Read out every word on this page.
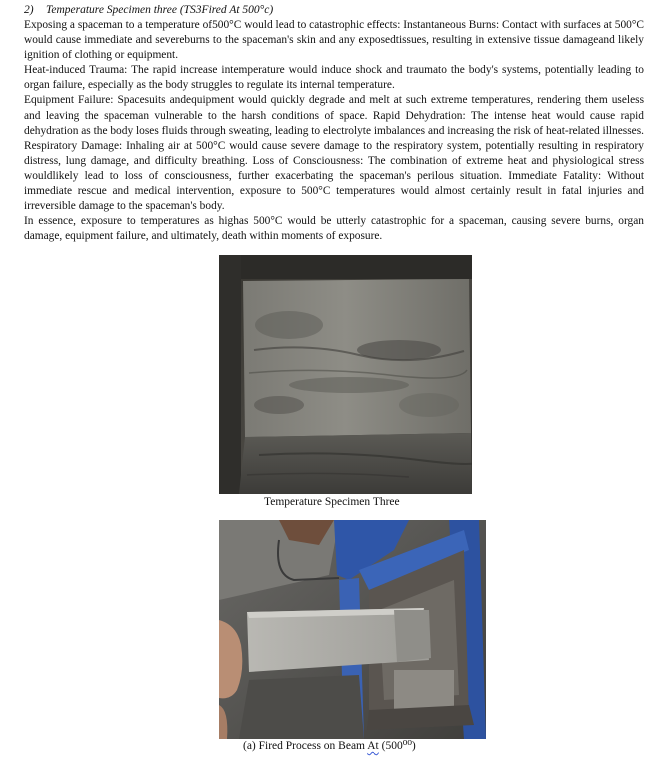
2) Temperature Specimen three (TS3Fired At 500°c)

Exposing a spaceman to a temperature of500°C would lead to catastrophic effects: Instantaneous Burns: Contact with surfaces at 500°C would cause immediate and severeburns to the spaceman's skin and any exposedtissues, resulting in extensive tissue damageand likely ignition of clothing or equipment.

Heat-induced Trauma: The rapid increase intemperature would induce shock and traumato the body's systems, potentially leading to organ failure, especially as the body struggles to regulate its internal temperature.

Equipment Failure: Spacesuits andequipment would quickly degrade and melt at such extreme temperatures, rendering them useless and leaving the spaceman vulnerable to the harsh conditions of space. Rapid Dehydration: The intense heat would cause rapid dehydration as the body loses fluids through sweating, leading to electrolyte imbalances and increasing the risk of heat-related illnesses. Respiratory Damage: Inhaling air at 500°C would cause severe damage to the respiratory system, potentially resulting in respiratory distress, lung damage, and difficulty breathing. Loss of Consciousness: The combination of extreme heat and physiological stress wouldlikely lead to loss of consciousness, further exacerbating the spaceman's perilous situation. Immediate Fatality: Without immediate rescue and medical intervention, exposure to 500°C temperatures would almost certainly result in fatal injuries and irreversible damage to the spaceman's body.

In essence, exposure to temperatures as highas 500°C would be utterly catastrophic for a spaceman, causing severe burns, organ damage, equipment failure, and ultimately, death within moments of exposure.

Temperature Specimen Three
(a) Fired Process on Beam At (500⁰⁰)
